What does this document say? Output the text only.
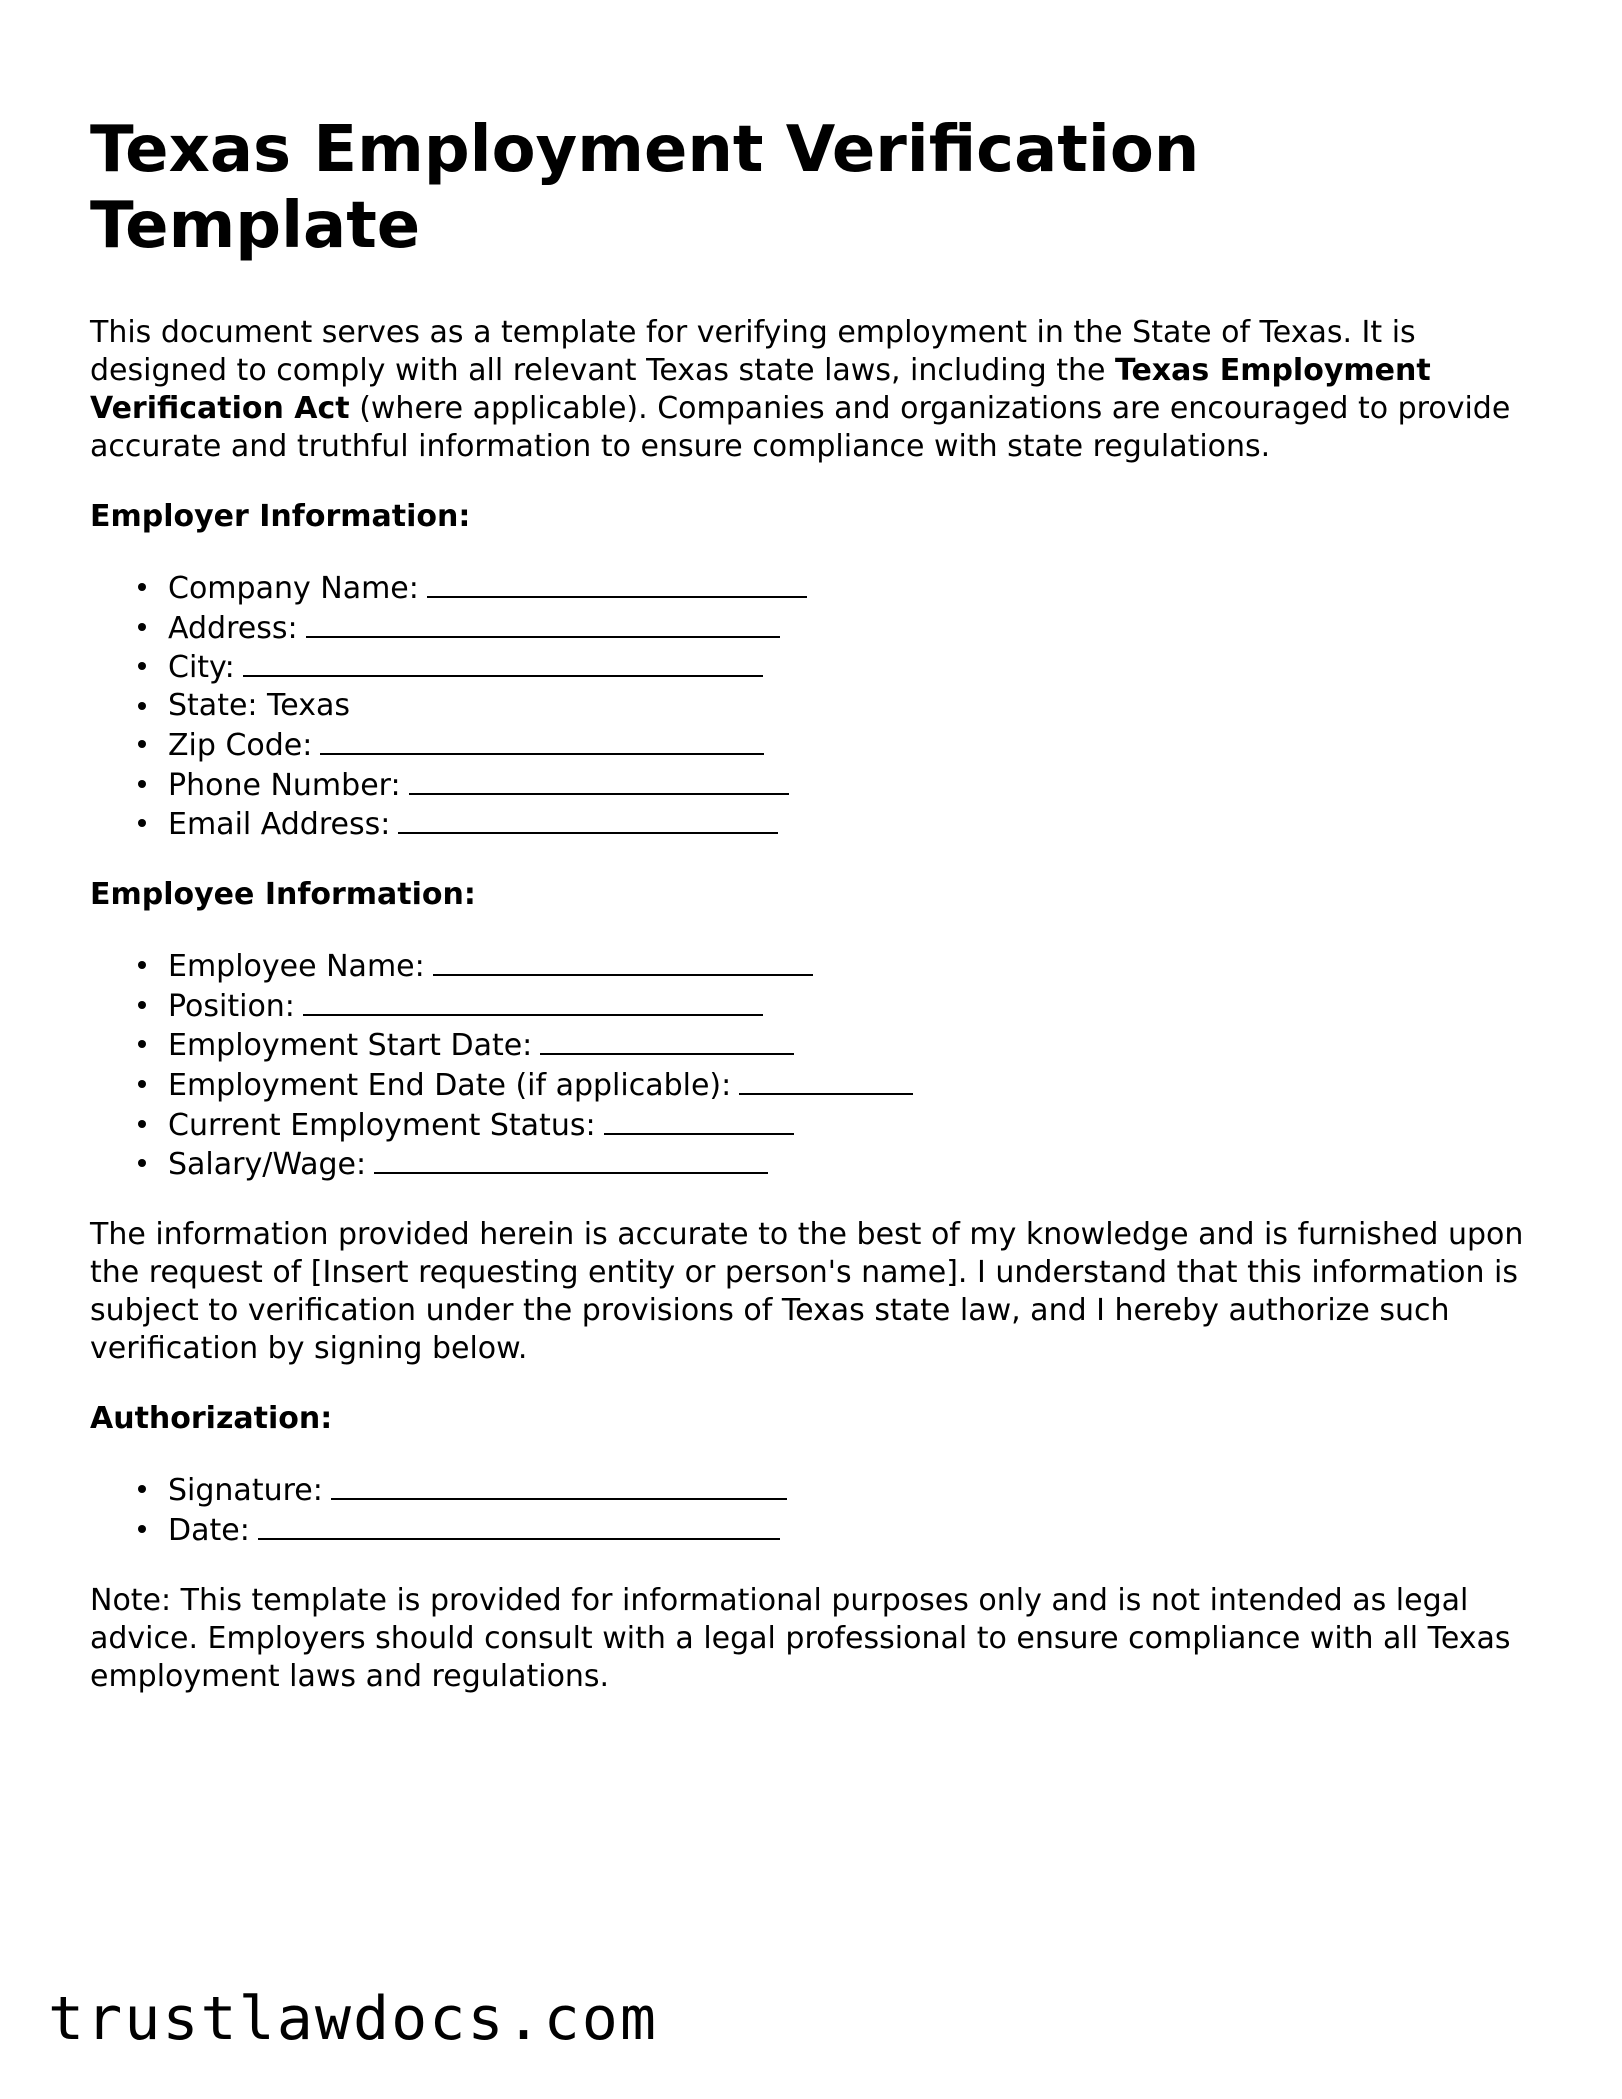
Texas Employment Verification Template

This document serves as a template for verifying employment in the State of Texas. It is designed to comply with all relevant Texas state laws, including the Texas Employment Verification Act (where applicable). Companies and organizations are encouraged to provide accurate and truthful information to ensure compliance with state regulations.

Employer Information:
Company Name:
Address:
City:
State: Texas
Zip Code:
Phone Number:
Email Address:
Employee Information:
Employee Name:
Position:
Employment Start Date:
Employment End Date (if applicable):
Current Employment Status:
Salary/Wage:

The information provided herein is accurate to the best of my knowledge and is furnished upon the request of [Insert requesting entity or person's name]. I understand that this information is subject to verification under the provisions of Texas state law, and I hereby authorize such verification by signing below.

Authorization:
Signature:
Date:

Note: This template is provided for informational purposes only and is not intended as legal advice. Employers should consult with a legal professional to ensure compliance with all Texas employment laws and regulations.

trustlawdocs.com
